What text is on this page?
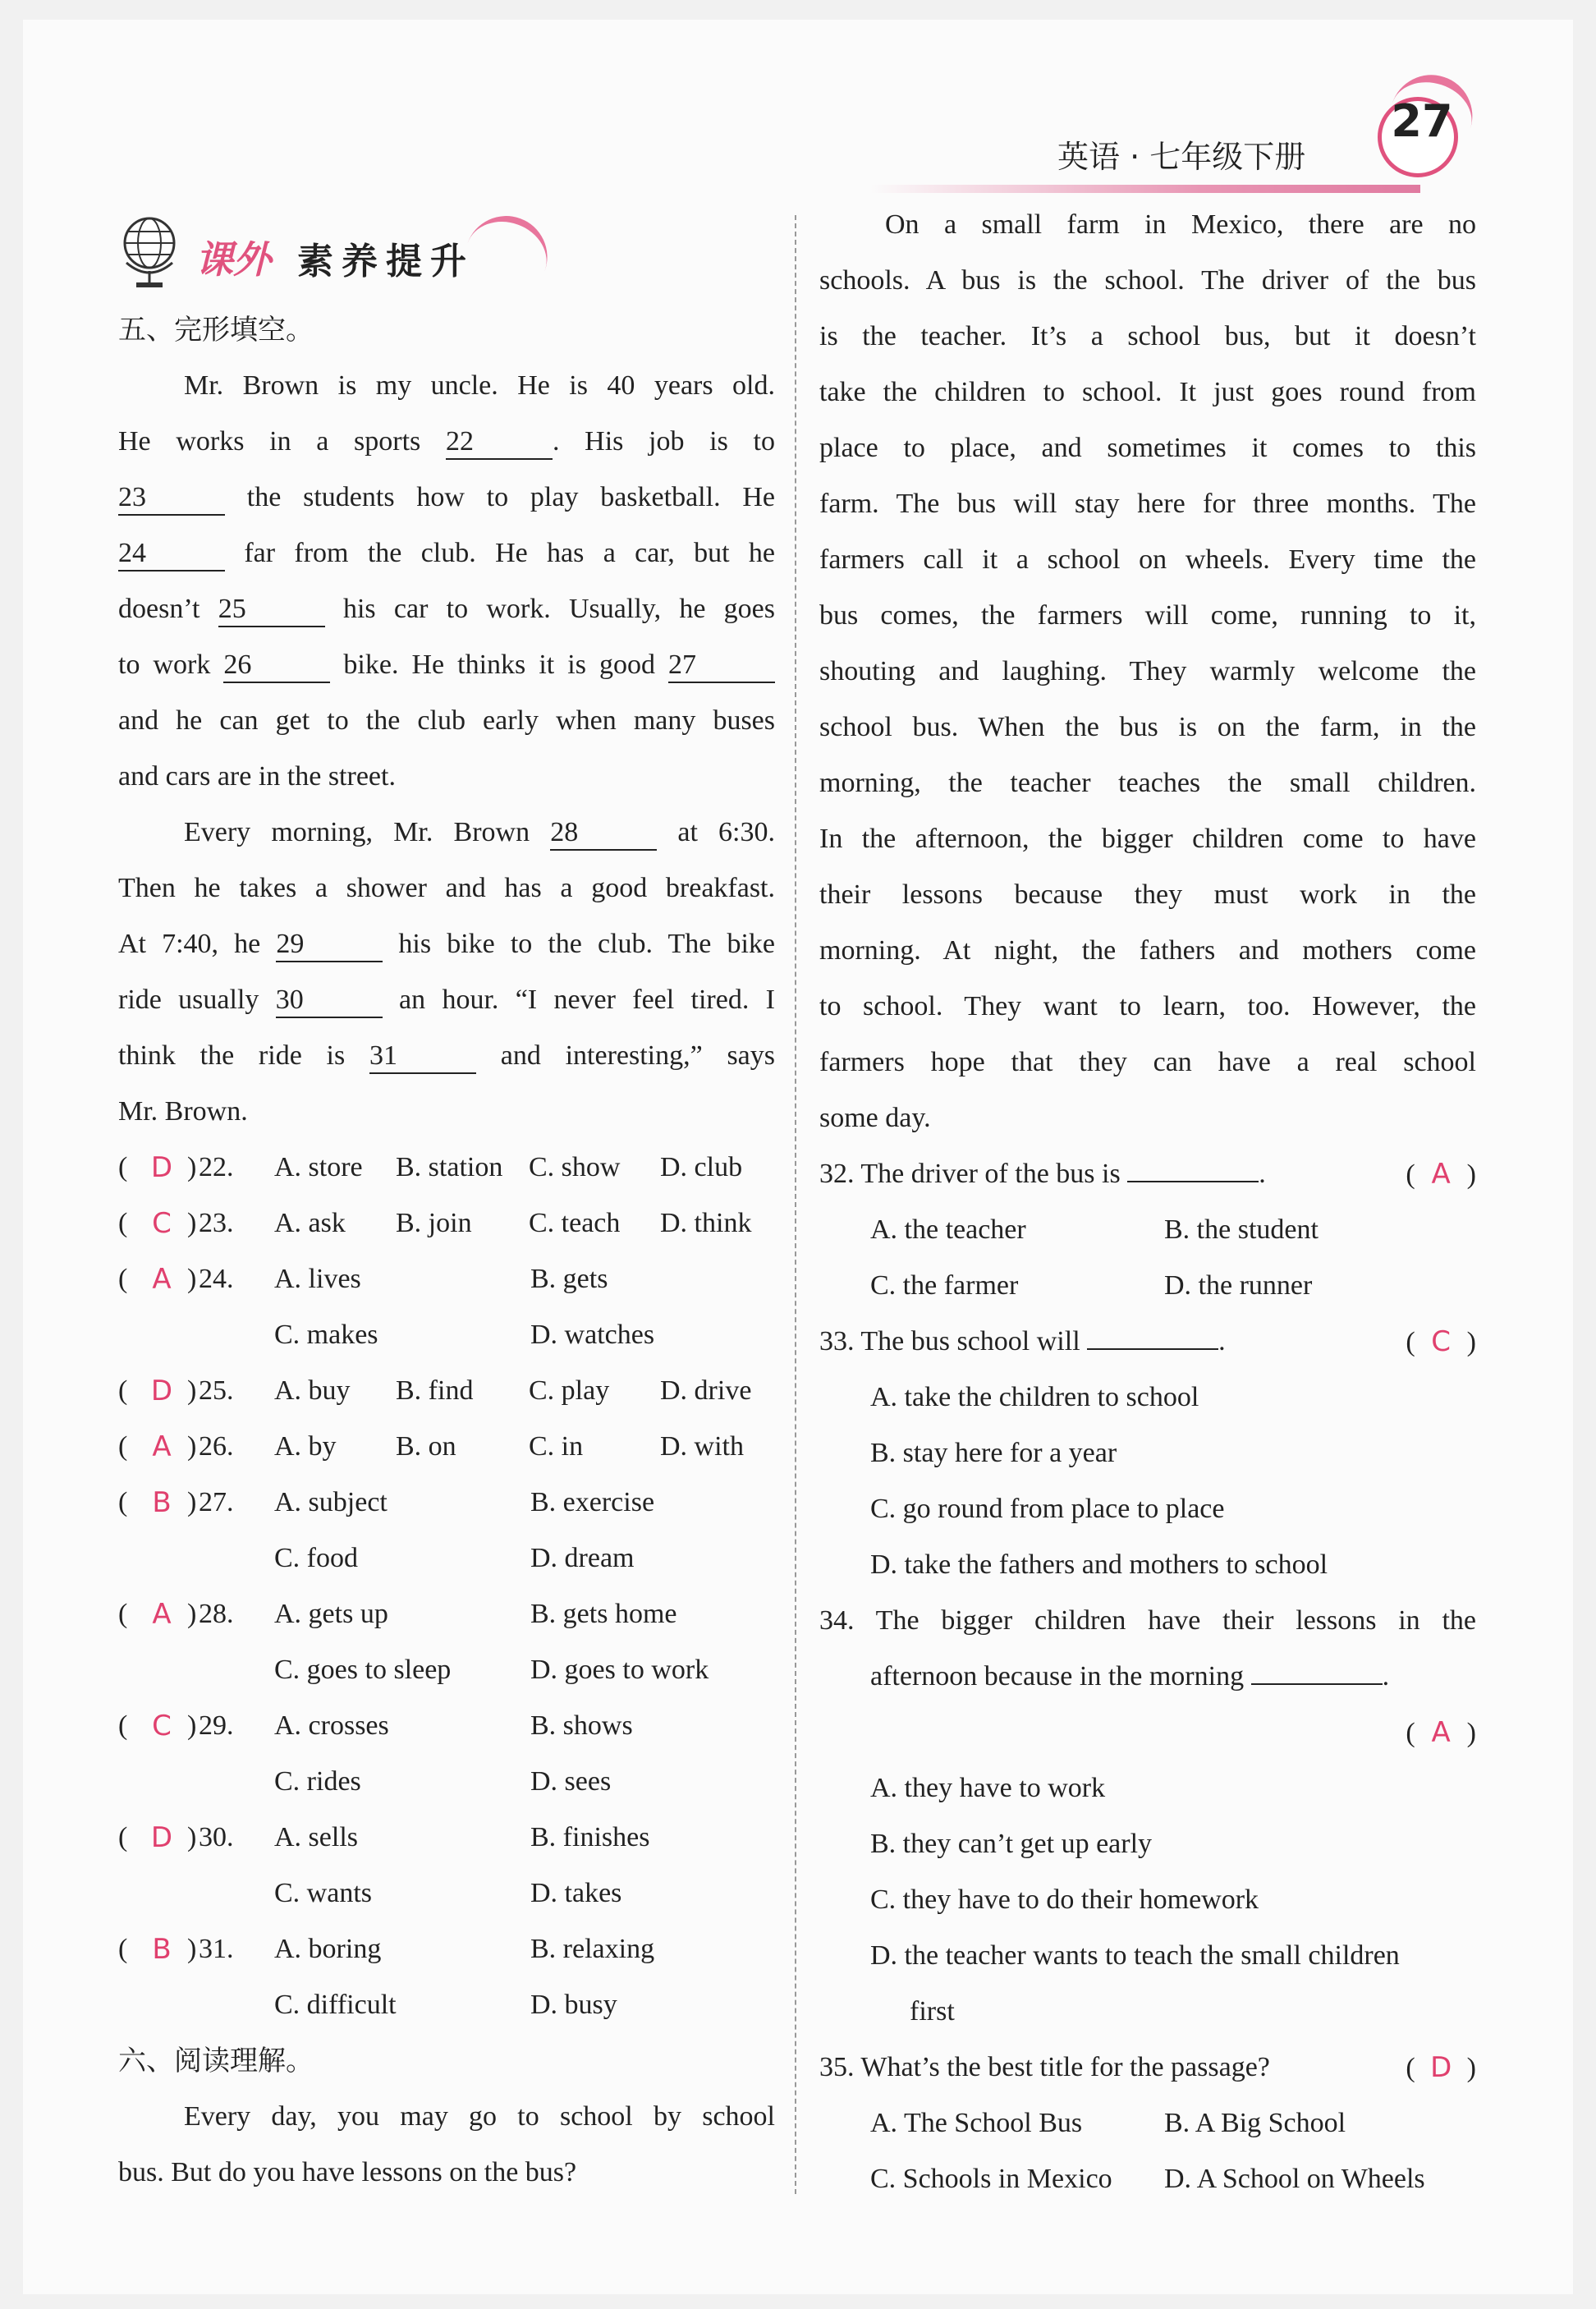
英语 · 七年级下册
27
课外 素养提升
五、完形填空。
Mr. Brown is my uncle. He is 40 years old.
He works in a sports 22	. His job is to
23	the students how to play basketball. He
24	far from the club. He has a car, but he
doesn’t 25	his car to work. Usually, he goes
to work 26	bike. He thinks it is good 27
and he can get to the club early when many buses
and cars are in the street.
Every morning, Mr. Brown 28	at 6:30.
Then he takes a shower and has a good breakfast.
At 7:40, he 29	his bike to the club. The bike
ride usually 30	an hour. “I never feel tired. I
think the ride is 31	and interesting,” says
Mr. Brown.
( D ) 22. A. store B. station C. show D. club
( C ) 23. A. ask B. join C. teach D. think
( A ) 24. A. lives	B. gets
C. makes	D. watches
( D ) 25. A. buy B. find C. play D. drive
( A ) 26. A. by B. on	C. in	D. with
( B ) 27. A. subject	B. exercise
C. food	D. dream
( A ) 28. A. gets up	B. gets home
C. goes to sleep	D. goes to work
( C ) 29. A. crosses	B. shows
C. rides	D. sees
( D ) 30. A. sells	B. finishes
C. wants	D. takes
( B ) 31. A. boring	B. relaxing
C. difficult	D. busy
六、阅读理解。
Every day, you may go to school by school
bus. But do you have lessons on the bus?
On a small farm in Mexico, there are no
schools. A bus is the school. The driver of the bus
is the teacher. It’s a school bus, but it doesn’t
take the children to school. It just goes round from
place to place, and sometimes it comes to this
farm. The bus will stay here for three months. The
farmers call it a school on wheels. Every time the
bus comes, the farmers will come, running to it,
shouting and laughing. They warmly welcome the
school bus. When the bus is on the farm, in the
morning, the teacher teaches the small children.
In the afternoon, the bigger children come to have
their lessons because they must work in the
morning. At night, the fathers and mothers come
to school. They want to learn, too. However, the
farmers hope that they can have a real school
some day.
32. The driver of the bus is	.	( A )
A. the teacher	B. the student
C. the farmer	D. the runner
33. The bus school will	.	( C )
A. take the children to school
B. stay here for a year
C. go round from place to place
D. take the fathers and mothers to school
34. The bigger children have their lessons in the
afternoon because in the morning	.
( A )
A. they have to work
B. they can’t get up early
C. they have to do their homework
D. the teacher wants to teach the small children
first
35. What’s the best title for the passage?	( D )
A. The School Bus	B. A Big School
C. Schools in Mexico D. A School on Wheels
